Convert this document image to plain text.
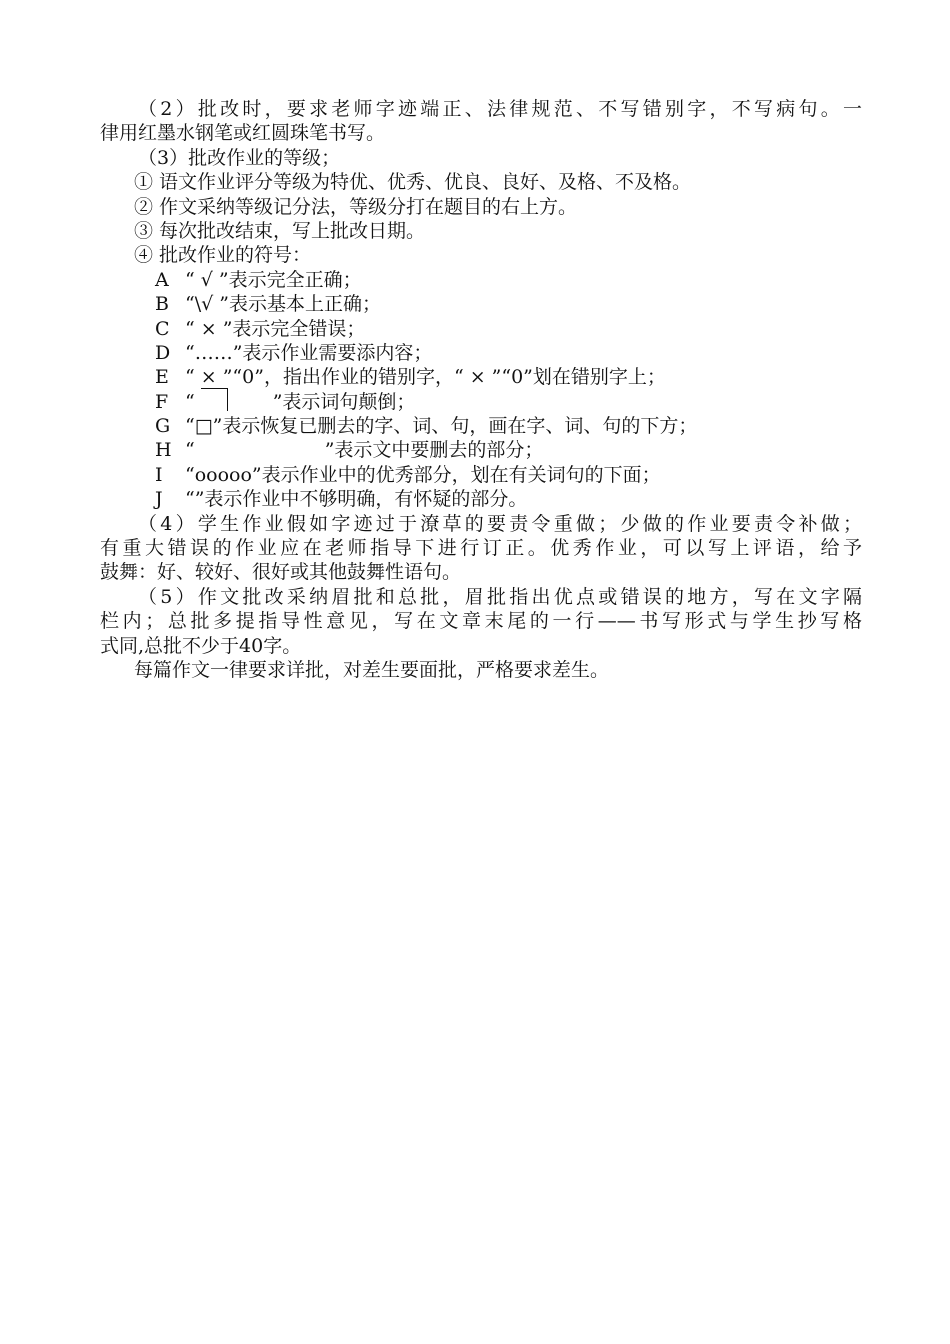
（2）批改时，要求老师字迹端正、法律规范、不写错别字，不写病句。一
律用红墨水钢笔或红圆珠笔书写。
（3）批改作业的等级；
① 语文作业评分等级为特优、优秀、优良、良好、及格、不及格。
② 作文采纳等级记分法，等级分打在题目的右上方。
③ 每次批改结束，写上批改日期。
④ 批改作业的符号：
A “ √ ”表示完全正确；
B “\√ ”表示基本上正确；
C “ × ”表示完全错误；
D “……”表示作业需要添内容；
E “ × ”“0”，指出作业的错别字，“ × ”“0”划在错别字上；
F “	”表示词句颠倒；
G “□”表示恢复已删去的字、词、句，画在字、词、句的下方；
H “	”表示文中要删去的部分；
I “ooooo”表示作业中的优秀部分，划在有关词句的下面；
J “”表示作业中不够明确，有怀疑的部分。
（4）学生作业假如字迹过于潦草的要责令重做；少做的作业要责令补做；
有重大错误的作业应在老师指导下进行订正。优秀作业，可以写上评语，给予
鼓舞：好、较好、很好或其他鼓舞性语句。
（5）作文批改采纳眉批和总批，眉批指出优点或错误的地方，写在文字隔
栏内；总批多提指导性意见，写在文章末尾的一行——书写形式与学生抄写格
式同,总批不少于40字。
每篇作文一律要求详批，对差生要面批，严格要求差生。
